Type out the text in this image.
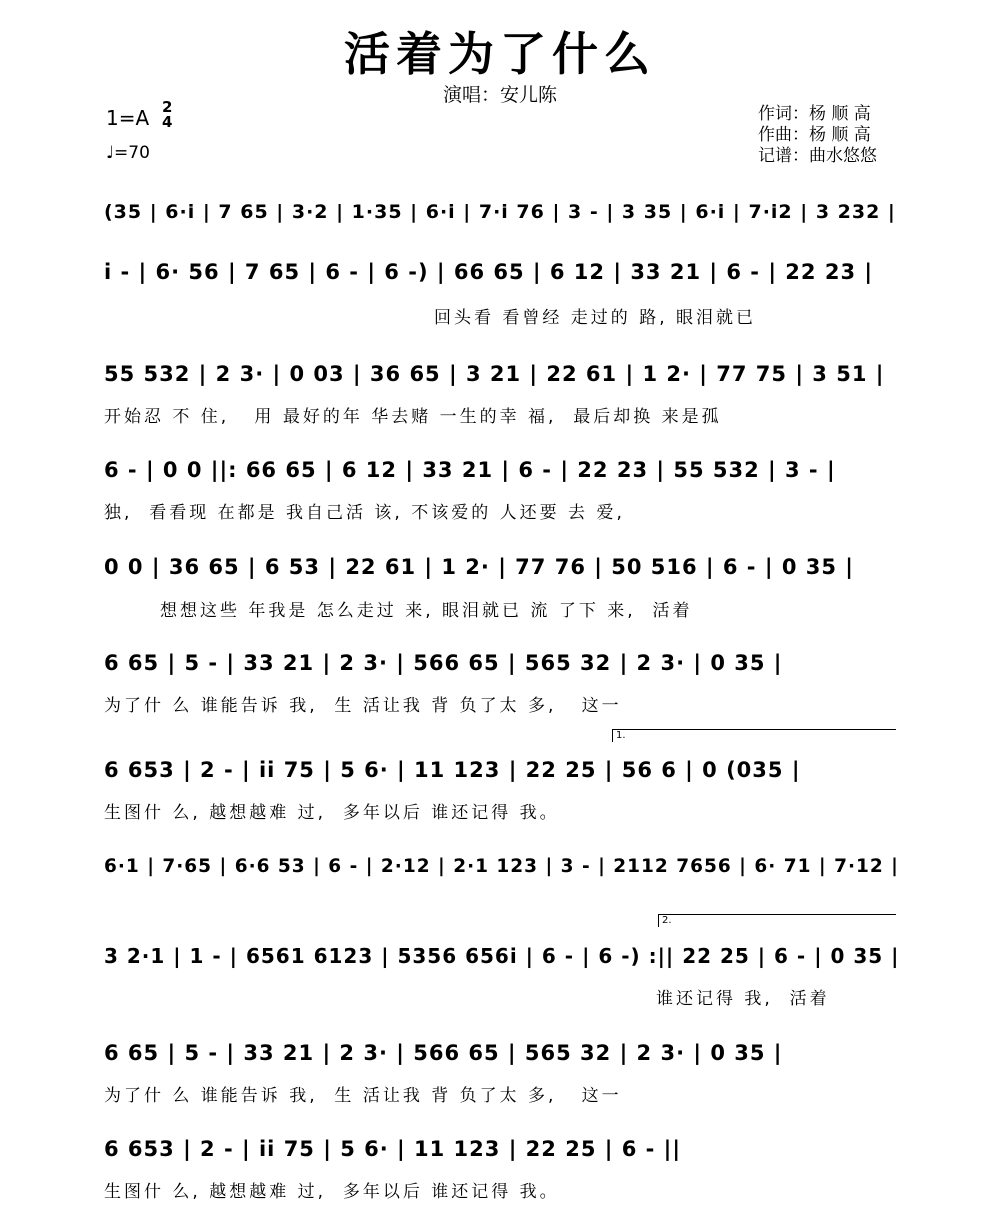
活着为了什么
演唱：安儿陈
1=A 2
4
♩=70
作词：杨 顺 高
作曲：杨 顺 高
记谱：曲水悠悠
(35 | 6·i | 7 65 | 3·2 | 1·35 | 6·i | 7·i 76 | 3 - | 3 35 | 6·i | 7·i2 | 3 232 |
i - | 6· 56 | 7 65 | 6 - | 6 -) | 66 65 | 6 12 | 33 21 | 6 - | 22 23 |
回头看 看曾经 走过的 路, 眼泪就已
55 532 | 2 3· | 0 03 | 36 65 | 3 21 | 22 61 | 1 2· | 77 75 | 3 51 |
开始忍 不 住,   用 最好的年 华去赌 一生的幸 福,  最后却换 来是孤
6 - | 0 0 ||: 66 65 | 6 12 | 33 21 | 6 - | 22 23 | 55 532 | 3 - |
独,  看看现 在都是 我自己活 该, 不该爱的 人还要 去 爱,
0 0 | 36 65 | 6 53 | 22 61 | 1 2· | 77 76 | 50 516 | 6 - | 0 35 |
想想这些 年我是 怎么走过 来, 眼泪就已 流 了下 来,  活着
6 65 | 5 - | 33 21 | 2 3· | 566 65 | 565 32 | 2 3· | 0 35 |
为了什 么 谁能告诉 我,  生 活让我 背 负了太 多,   这一
1.
6 653 | 2 - | ii 75 | 5 6· | 11 123 | 22 25 | 56 6 | 0 (035 |
生图什 么, 越想越难 过,  多年以后 谁还记得 我。
6·1 | 7·65 | 6·6 53 | 6 - | 2·12 | 2·1 123 | 3 - | 2112 7656 | 6· 71 | 7·12 |
2.
3 2·1 | 1 - | 6561 6123 | 5356 656i | 6 - | 6 -) :|| 22 25 | 6 - | 0 35 |
谁还记得 我,  活着
6 65 | 5 - | 33 21 | 2 3· | 566 65 | 565 32 | 2 3· | 0 35 |
为了什 么 谁能告诉 我,  生 活让我 背 负了太 多,   这一
6 653 | 2 - | ii 75 | 5 6· | 11 123 | 22 25 | 6 - ||
生图什 么, 越想越难 过,  多年以后 谁还记得 我。
